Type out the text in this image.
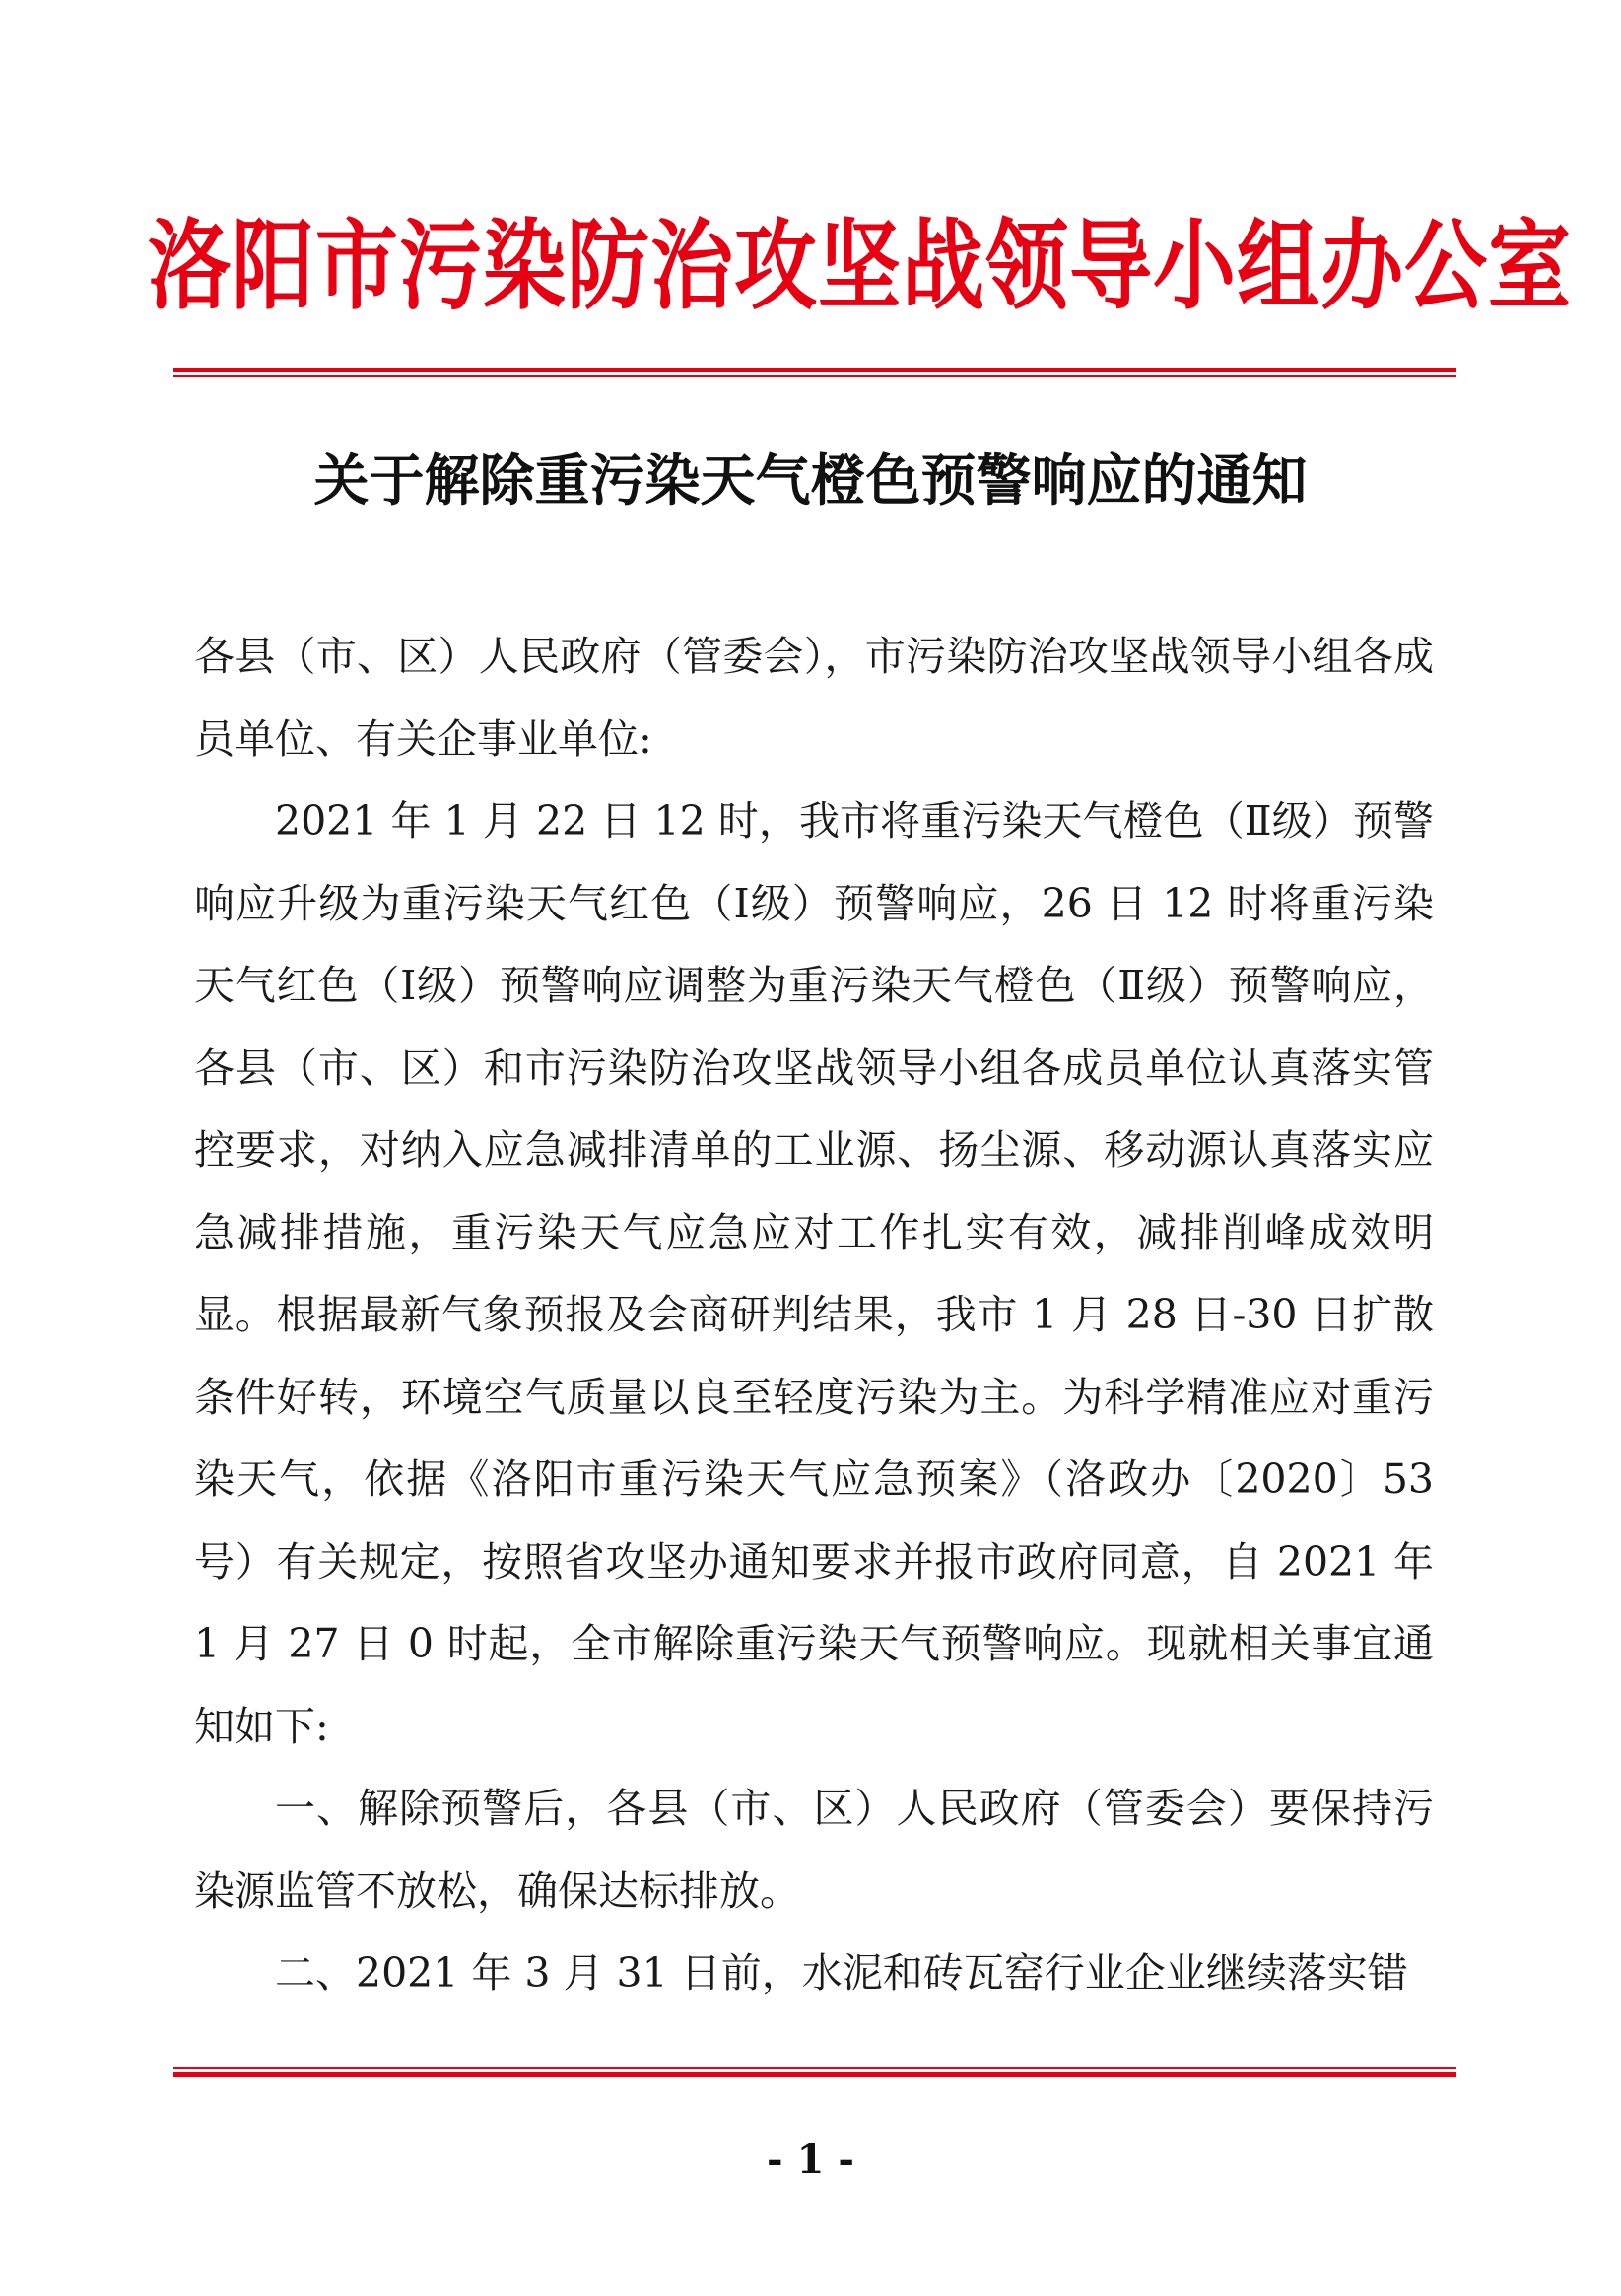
洛阳市污染防治攻坚战领导小组办公室
关于解除重污染天气橙色预警响应的通知

各县（市、区）人民政府（管委会），市污染防治攻坚战领导小组各成员单位、有关企事业单位:

2021 年 1 月 22 日 12 时，我市将重污染天气橙色（Ⅱ级）预警响应升级为重污染天气红色（I级）预警响应，26 日 12 时将重污染天气红色（I级）预警响应调整为重污染天气橙色（Ⅱ级）预警响应，各县（市、区）和市污染防治攻坚战领导小组各成员单位认真落实管控要求，对纳入应急减排清单的工业源、扬尘源、移动源认真落实应急减排措施，重污染天气应急应对工作扎实有效，减排削峰成效明显。根据最新气象预报及会商研判结果，我市 1 月 28 日-30 日扩散条件好转，环境空气质量以良至轻度污染为主。为科学精准应对重污染天气，依据《洛阳市重污染天气应急预案》（洛政办〔2020〕53 号）有关规定，按照省攻坚办通知要求并报市政府同意，自 2021 年 1 月 27 日 0 时起，全市解除重污染天气预警响应。现就相关事宜通知如下:

一、解除预警后，各县（市、区）人民政府（管委会）要保持污染源监管不放松，确保达标排放。

二、2021 年 3 月 31 日前，水泥和砖瓦窑行业企业继续落实错

- 1 -
